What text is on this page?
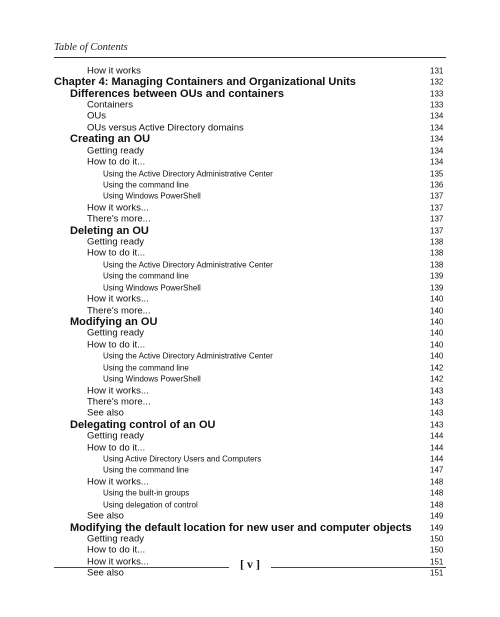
Table of Contents
How it works	131
Chapter 4: Managing Containers and Organizational Units	132
Differences between OUs and containers	133
Containers	133
OUs	134
OUs versus Active Directory domains	134
Creating an OU	134
Getting ready	134
How to do it...	134
Using the Active Directory Administrative Center	135
Using the command line	136
Using Windows PowerShell	137
How it works...	137
There's more...	137
Deleting an OU	137
Getting ready	138
How to do it...	138
Using the Active Directory Administrative Center	138
Using the command line	139
Using Windows PowerShell	139
How it works...	140
There's more...	140
Modifying an OU	140
Getting ready	140
How to do it...	140
Using the Active Directory Administrative Center	140
Using the command line	142
Using Windows PowerShell	142
How it works...	143
There's more...	143
See also	143
Delegating control of an OU	143
Getting ready	144
How to do it...	144
Using Active Directory Users and Computers	144
Using the command line	147
How it works...	148
Using the built-in groups	148
Using delegation of control	148
See also	149
Modifying the default location for new user and computer objects 149
Getting ready	150
How to do it...	150
How it works...	151
See also	151
[ v ]
